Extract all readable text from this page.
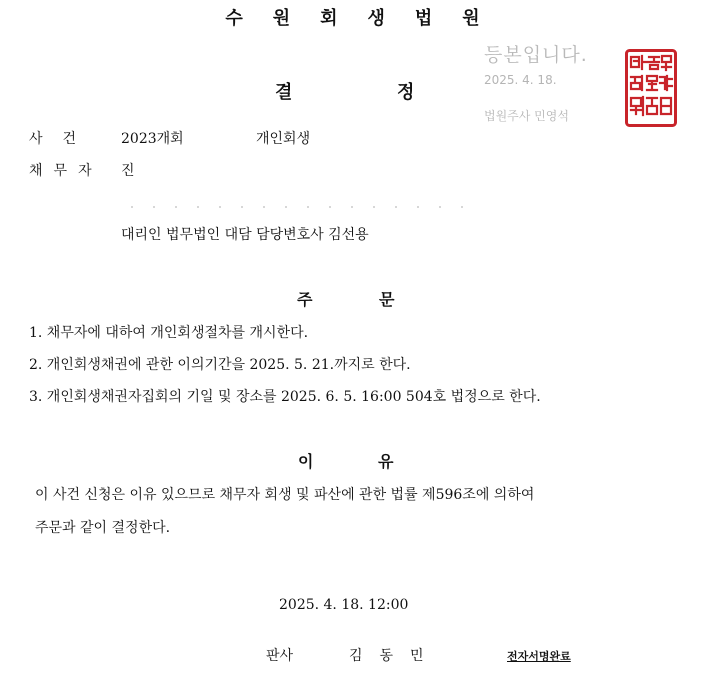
수 원 회 생 법 원
결	정
등본입니다.
2025. 4. 18.
법원주사 민영석
사 건	2023개회	개인회생
채 무 자	진
대리인 법무법인 대담 담당변호사 김선용
주	문
1. 채무자에 대하여 개인회생절차를 개시한다.
2. 개인회생채권에 관한 이의기간을 2025. 5. 21.까지로 한다.
3. 개인회생채권자집회의 기일 및 장소를 2025. 6. 5. 16:00 504호 법정으로 한다.
이	유
이 사건 신청은 이유 있으므로 채무자 회생 및 파산에 관한 법률 제596조에 의하여
주문과 같이 결정한다.
2025. 4. 18. 12:00
판사	김동민	전자서명완료
